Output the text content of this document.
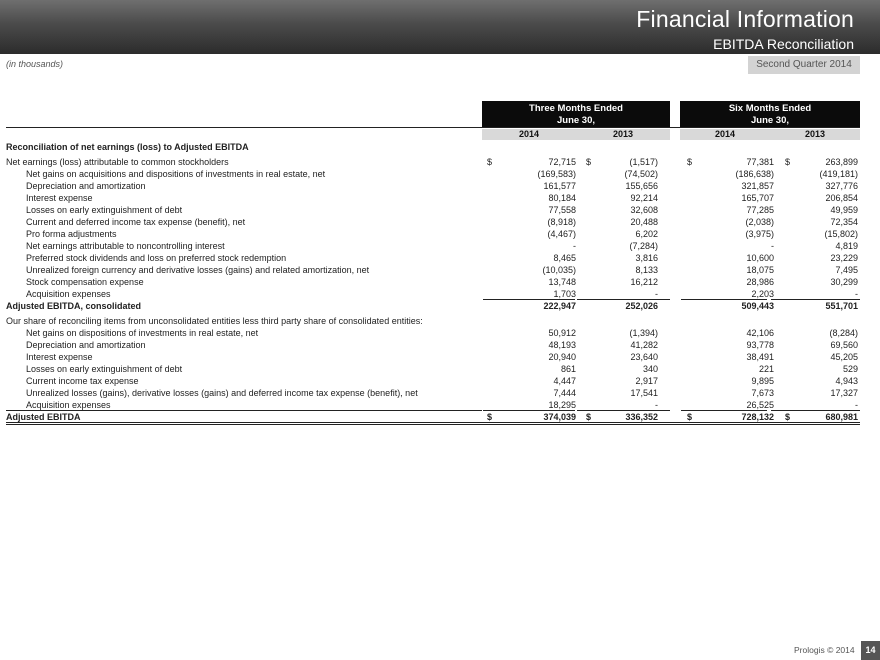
Financial Information
EBITDA Reconciliation
(in thousands)	Second Quarter 2014
Three Months Ended
June 30,
Six Months Ended
June 30,
2014	2013	2014	2013
Reconciliation of net earnings (loss) to Adjusted EBITDA
Net earnings (loss) attributable to common stockholders	$	72,715 $	(1,517)	$	77,381 $	263,899
Net gains on acquisitions and dispositions of investments in real estate, net	(169,583)	(74,502)	(186,638)	(419,181)
Depreciation and amortization	161,577	155,656	321,857	327,776
Interest expense	80,184	92,214	165,707	206,854
Losses on early extinguishment of debt	77,558	32,608	77,285	49,959
Current and deferred income tax expense (benefit), net	(8,918)	20,488	(2,038)	72,354
Pro forma adjustments	(4,467)	6,202	(3,975)	(15,802)
Net earnings attributable to noncontrolling interest	-	(7,284)	-	4,819
Preferred stock dividends and loss on preferred stock redemption	8,465	3,816	10,600	23,229
Unrealized foreign currency and derivative losses (gains) and related amortization, net	(10,035)	8,133	18,075	7,495
Stock compensation expense	13,748	16,212	28,986	30,299
Acquisition expenses	1,703	-	2,203	-
Adjusted EBITDA, consolidated	222,947	252,026	509,443	551,701
Our share of reconciling items from unconsolidated entities less third party share of consolidated entities:
Net gains on dispositions of investments in real estate, net	50,912	(1,394)	42,106	(8,284)
Depreciation and amortization	48,193	41,282	93,778	69,560
Interest expense	20,940	23,640	38,491	45,205
Losses on early extinguishment of debt	861	340	221	529
Current income tax expense	4,447	2,917	9,895	4,943
Unrealized losses (gains), derivative losses (gains) and deferred income tax expense (benefit), net	7,444	17,541	7,673	17,327
Acquisition expenses	18,295	-	26,525	-
Adjusted EBITDA	$	374,039 $	336,352	$	728,132 $	680,981
Prologis © 2014	14
